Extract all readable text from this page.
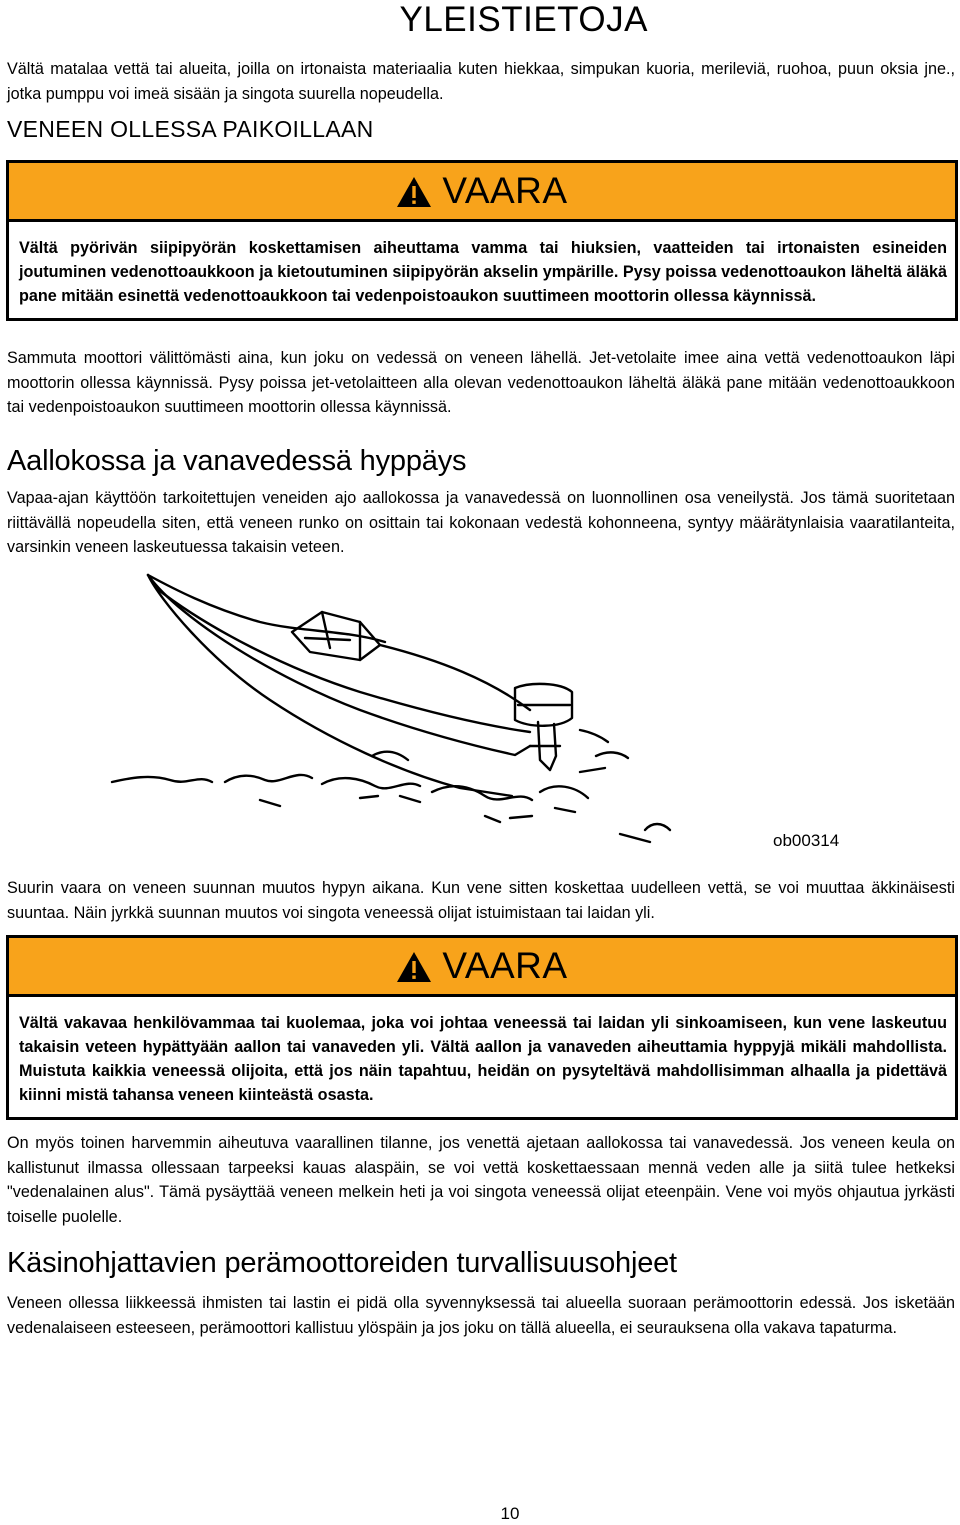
YLEISTIETOJA

Vältä matalaa vettä tai alueita, joilla on irtonaista materiaalia kuten hiekkaa, simpukan kuoria, merileviä, ruohoa, puun oksia jne., jotka pumppu voi imeä sisään ja singota suurella nopeudella.

VENEEN OLLESSA PAIKOILLAAN
VAARA
Vältä pyörivän siipipyörän koskettamisen aiheuttama vamma tai hiuksien, vaatteiden tai irtonaisten esineiden joutuminen vedenottoaukkoon ja kietoutuminen siipipyörän akselin ympärille. Pysy poissa vedenottoaukon läheltä äläkä pane mitään esinettä vedenottoaukkoon tai vedenpoistoaukon suuttimeen moottorin ollessa käynnissä.

Sammuta moottori välittömästi aina, kun joku on vedessä on veneen lähellä. Jet-vetolaite imee aina vettä vedenottoaukon läpi moottorin ollessa käynnissä. Pysy poissa jet-vetolaitteen alla olevan vedenottoaukon läheltä äläkä pane mitään vedenottoaukkoon tai vedenpoistoaukon suuttimeen moottorin ollessa käynnissä.

Aallokossa ja vanavedessä hyppäys

Vapaa-ajan käyttöön tarkoitettujen veneiden ajo aallokossa ja vanavedessä on luonnollinen osa veneilystä. Jos tämä suoritetaan riittävällä nopeudella siten, että veneen runko on osittain tai kokonaan vedestä kohonneena, syntyy määrätynlaisia vaaratilanteita, varsinkin veneen laskeutuessa takaisin veteen.

ob00314

Suurin vaara on veneen suunnan muutos hypyn aikana. Kun vene sitten koskettaa uudelleen vettä, se voi muuttaa äkkinäisesti suuntaa. Näin jyrkkä suunnan muutos voi singota veneessä olijat istuimistaan tai laidan yli.

VAARA
Vältä vakavaa henkilövammaa tai kuolemaa, joka voi johtaa veneessä tai laidan yli sinkoamiseen, kun vene laskeutuu takaisin veteen hypättyään aallon tai vanaveden yli. Vältä aallon ja vanaveden aiheuttamia hyppyjä mikäli mahdollista. Muistuta kaikkia veneessä olijoita, että jos näin tapahtuu, heidän on pysyteltävä mahdollisimman alhaalla ja pidettävä kiinni mistä tahansa veneen kiinteästä osasta.

On myös toinen harvemmin aiheutuva vaarallinen tilanne, jos venettä ajetaan aallokossa tai vanavedessä. Jos veneen keula on kallistunut ilmassa ollessaan tarpeeksi kauas alaspäin, se voi vettä koskettaessaan mennä veden alle ja siitä tulee hetkeksi "vedenalainen alus". Tämä pysäyttää veneen melkein heti ja voi singota veneessä olijat eteenpäin. Vene voi myös ohjautua jyrkästi toiselle puolelle.

Käsinohjattavien perämoottoreiden turvallisuusohjeet

Veneen ollessa liikkeessä ihmisten tai lastin ei pidä olla syvennyksessä tai alueella suoraan perämoottorin edessä. Jos isketään vedenalaiseen esteeseen, perämoottori kallistuu ylöspäin ja jos joku on tällä alueella, ei seurauksena olla vakava tapaturma.

10
